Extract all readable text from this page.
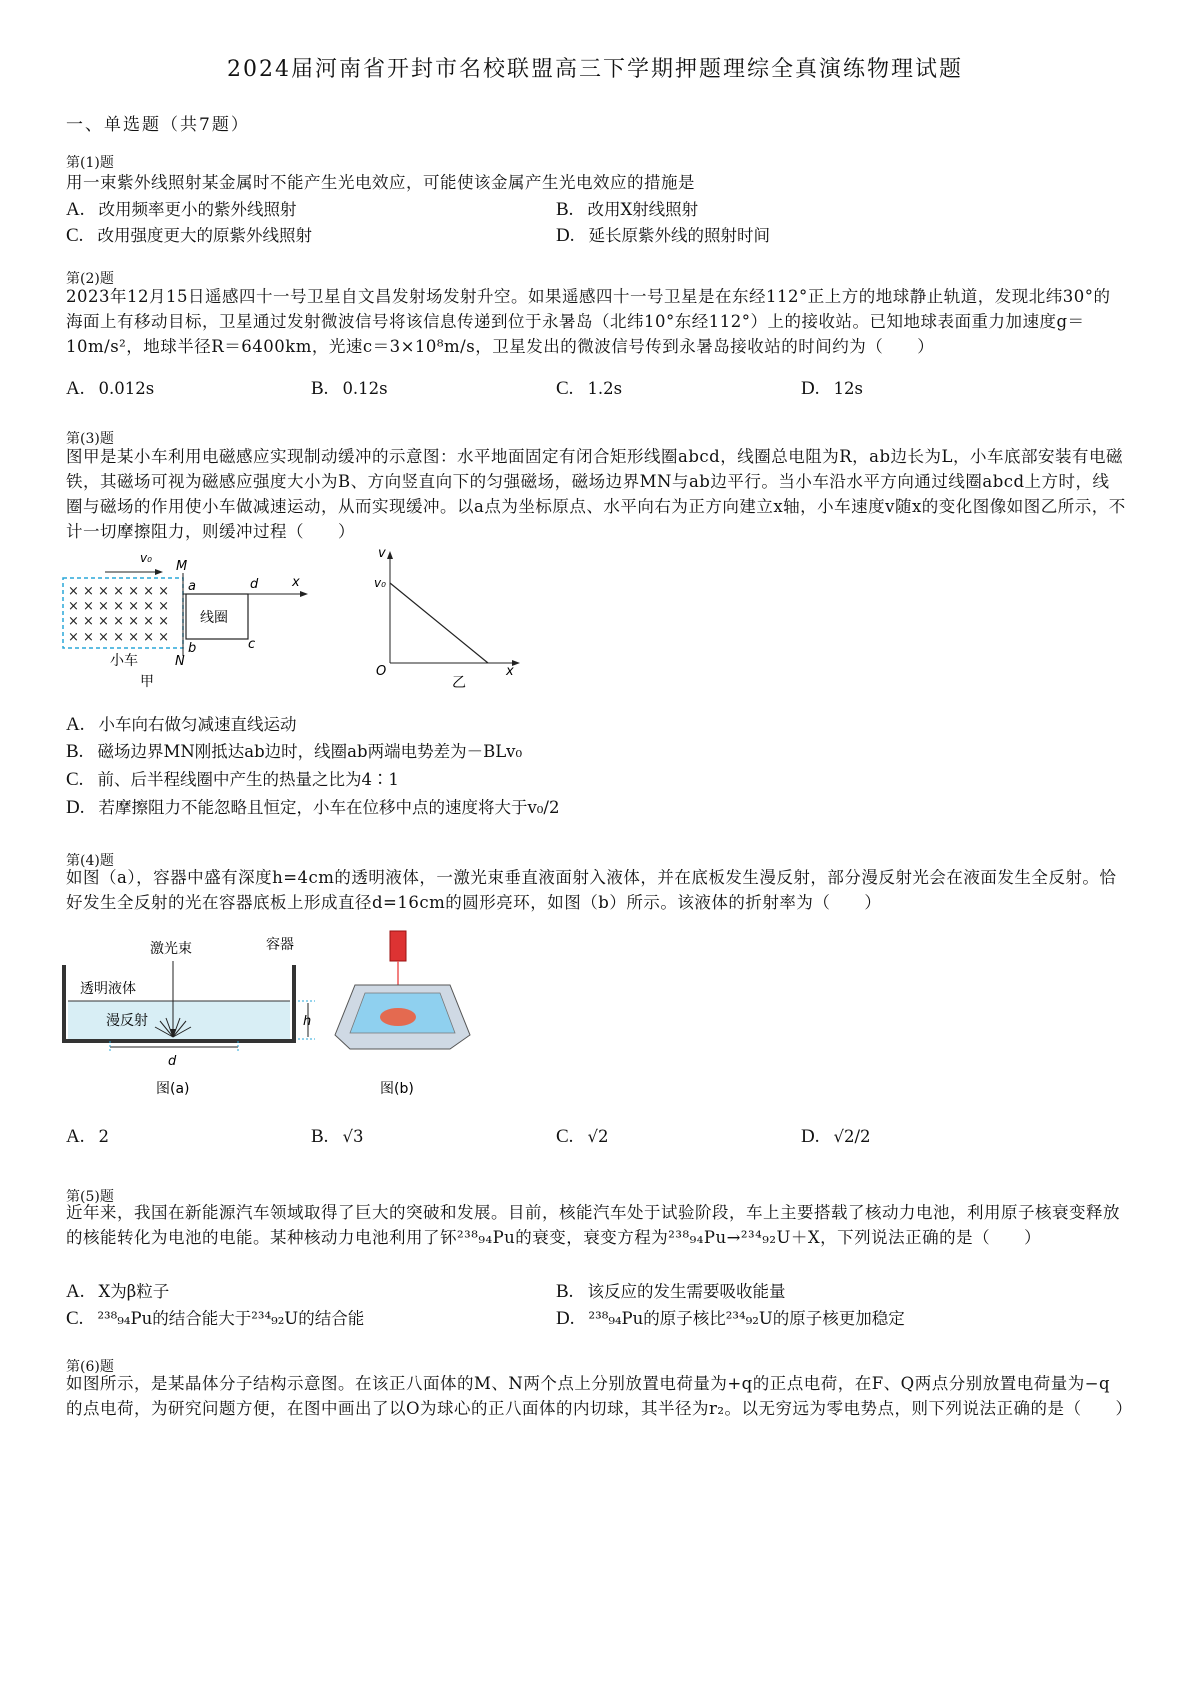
2024届河南省开封市名校联盟高三下学期押题理综全真演练物理试题
一、单选题（共7题）
第(1)题
用一束紫外线照射某金属时不能产生光电效应，可能使该金属产生光电效应的措施是
A. 改用频率更小的紫外线照射	B. 改用X射线照射
C. 改用强度更大的原紫外线照射	D. 延长原紫外线的照射时间
第(2)题
2023年12月15日遥感四十一号卫星自文昌发射场发射升空。如果遥感四十一号卫星是在东经112°正上方的地球静止轨道，发现北纬30°的海面上有移动目标，卫星通过发射微波信号将该信息传递到位于永暑岛（北纬10°东经112°）上的接收站。已知地球表面重力加速度g＝10m/s²，地球半径R＝6400km，光速c＝3×10⁸m/s，卫星发出的微波信号传到永暑岛接收站的时间约为（　　）
A. 0.012s	B. 0.12s	C. 1.2s	D. 12s
第(3)题
图甲是某小车利用电磁感应实现制动缓冲的示意图：水平地面固定有闭合矩形线圈abcd，线圈总电阻为R，ab边长为L，小车底部安装有电磁铁，其磁场可视为磁感应强度大小为B、方向竖直向下的匀强磁场，磁场边界MN与ab边平行。当小车沿水平方向通过线圈abcd上方时，线圈与磁场的作用使小车做减速运动，从而实现缓冲。以a点为坐标原点、水平向右为正方向建立x轴，小车速度v随x的变化图像如图乙所示，不计一切摩擦阻力，则缓冲过程（　　）
× × × × × × ×
× × × × × × ×
× × × × × × ×
× × × × × × ×
v₀
M
a	d	x
线圈
b	c
N
小车
甲
v
v₀
O	x
乙
A. 小车向右做匀减速直线运动
B. 磁场边界MN刚抵达ab边时，线圈ab两端电势差为－BLv₀
C. 前、后半程线圈中产生的热量之比为4∶1
D. 若摩擦阻力不能忽略且恒定，小车在位移中点的速度将大于v₀/2
第(4)题
如图（a），容器中盛有深度h=4cm的透明液体，一激光束垂直液面射入液体，并在底板发生漫反射，部分漫反射光会在液面发生全反射。恰好发生全反射的光在容器底板上形成直径d=16cm的圆形亮环，如图（b）所示。该液体的折射率为（　　）
激光束	容器
透明液体
漫反射
d
h
图(a)	图(b)
A. 2	B. √3	C. √2	D. √2/2
第(5)题
近年来，我国在新能源汽车领域取得了巨大的突破和发展。目前，核能汽车处于试验阶段，车上主要搭载了核动力电池，利用原子核衰变释放的核能转化为电池的电能。某种核动力电池利用了钚²³⁸₉₄Pu的衰变，衰变方程为²³⁸₉₄Pu→²³⁴₉₂U＋X，下列说法正确的是（　　）
A. X为β粒子	B. 该反应的发生需要吸收能量
C. ²³⁸₉₄Pu的结合能大于²³⁴₉₂U的结合能	D. ²³⁸₉₄Pu的原子核比²³⁴₉₂U的原子核更加稳定
第(6)题
如图所示，是某晶体分子结构示意图。在该正八面体的M、N两个点上分别放置电荷量为+q的正点电荷，在F、Q两点分别放置电荷量为−q的点电荷，为研究问题方便，在图中画出了以O为球心的正八面体的内切球，其半径为r₂。以无穷远为零电势点，则下列说法正确的是（　　）
